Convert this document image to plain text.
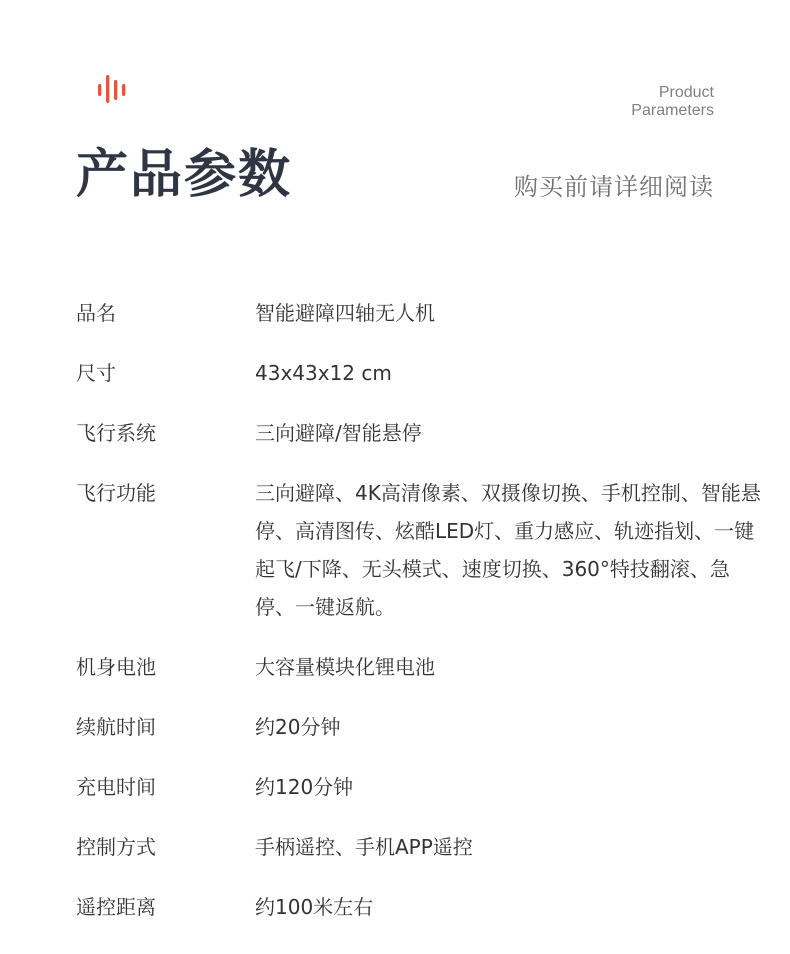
Product
Parameters
产品参数	购买前请详细阅读
品名	智能避障四轴无人机
尺寸	43x43x12 cm
飞行系统	三向避障/智能悬停
飞行功能	三向避障、4K高清像素、双摄像切换、手机控制、智能悬停、高清图传、炫酷LED灯、重力感应、轨迹指划、一键起飞/下降、无头模式、速度切换、360°特技翻滚、急停、一键返航。
机身电池	大容量模块化锂电池
续航时间	约20分钟
充电时间	约120分钟
控制方式	手柄遥控、手机APP遥控
遥控距离	约100米左右
